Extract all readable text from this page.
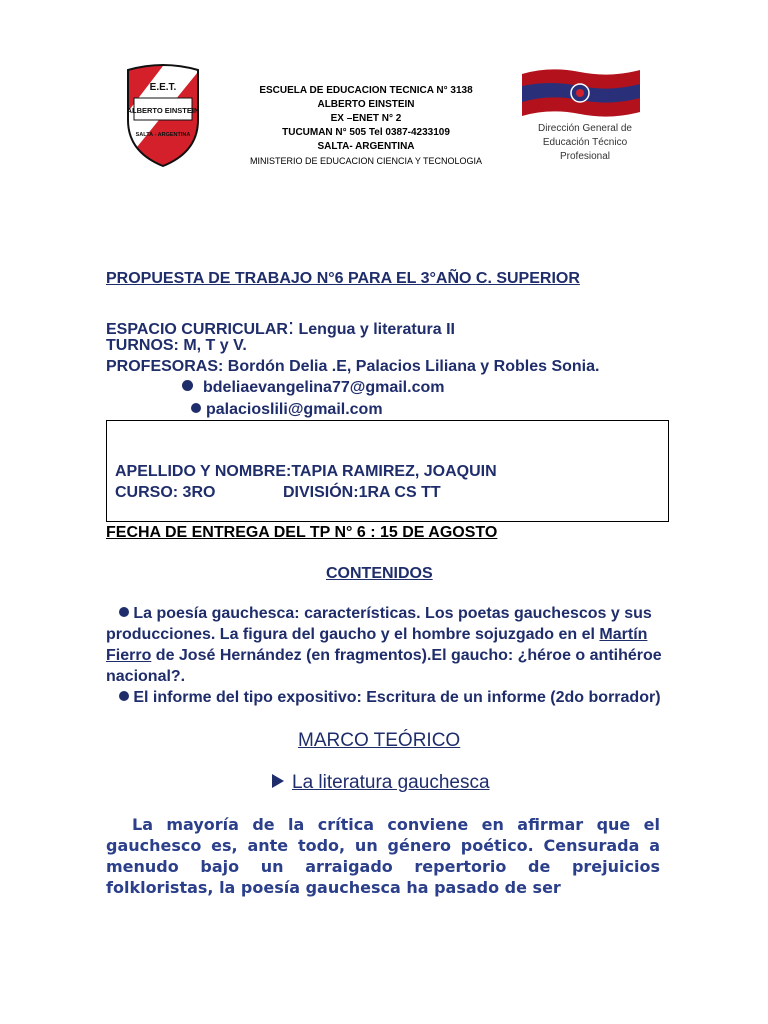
E.E.T.
ALBERTO EINSTEIN
SALTA - ARGENTINA
ESCUELA DE EDUCACION TECNICA N° 3138
ALBERTO EINSTEIN
EX –ENET N° 2
TUCUMAN N° 505 Tel 0387-4233109
SALTA- ARGENTINA
MINISTERIO DE EDUCACION CIENCIA Y TECNOLOGIA
Dirección General de
Educación Técnico
Profesional
PROPUESTA DE TRABAJO N°6 PARA EL 3°AÑO C. SUPERIOR
ESPACIO CURRICULAR: Lengua y literatura II
TURNOS: M, T y V.
PROFESORAS: Bordón Delia .E, Palacios Liliana y Robles Sonia.
bdeliaevangelina77@gmail.com
palacioslili@gmail.com
APELLIDO Y NOMBRE:TAPIA RAMIREZ, JOAQUIN
CURSO: 3RO	DIVISIÓN:1RA CS TT
FECHA DE ENTREGA DEL TP N° 6 : 15 DE AGOSTO
CONTENIDOS
La poesía gauchesca: características. Los poetas gauchescos y sus producciones. La figura del gaucho y el hombre sojuzgado en el Martín Fierro de José Hernández (en fragmentos).El gaucho: ¿héroe o antihéroe nacional?.
El informe del tipo expositivo: Escritura de un informe (2do borrador)
MARCO TEÓRICO
La literatura gauchesca
La mayoría de la crítica conviene en afirmar que el gauchesco es, ante todo, un género poético. Censurada a menudo bajo un arraigado repertorio de prejuicios folkloristas, la poesía gauchesca ha pasado de ser
